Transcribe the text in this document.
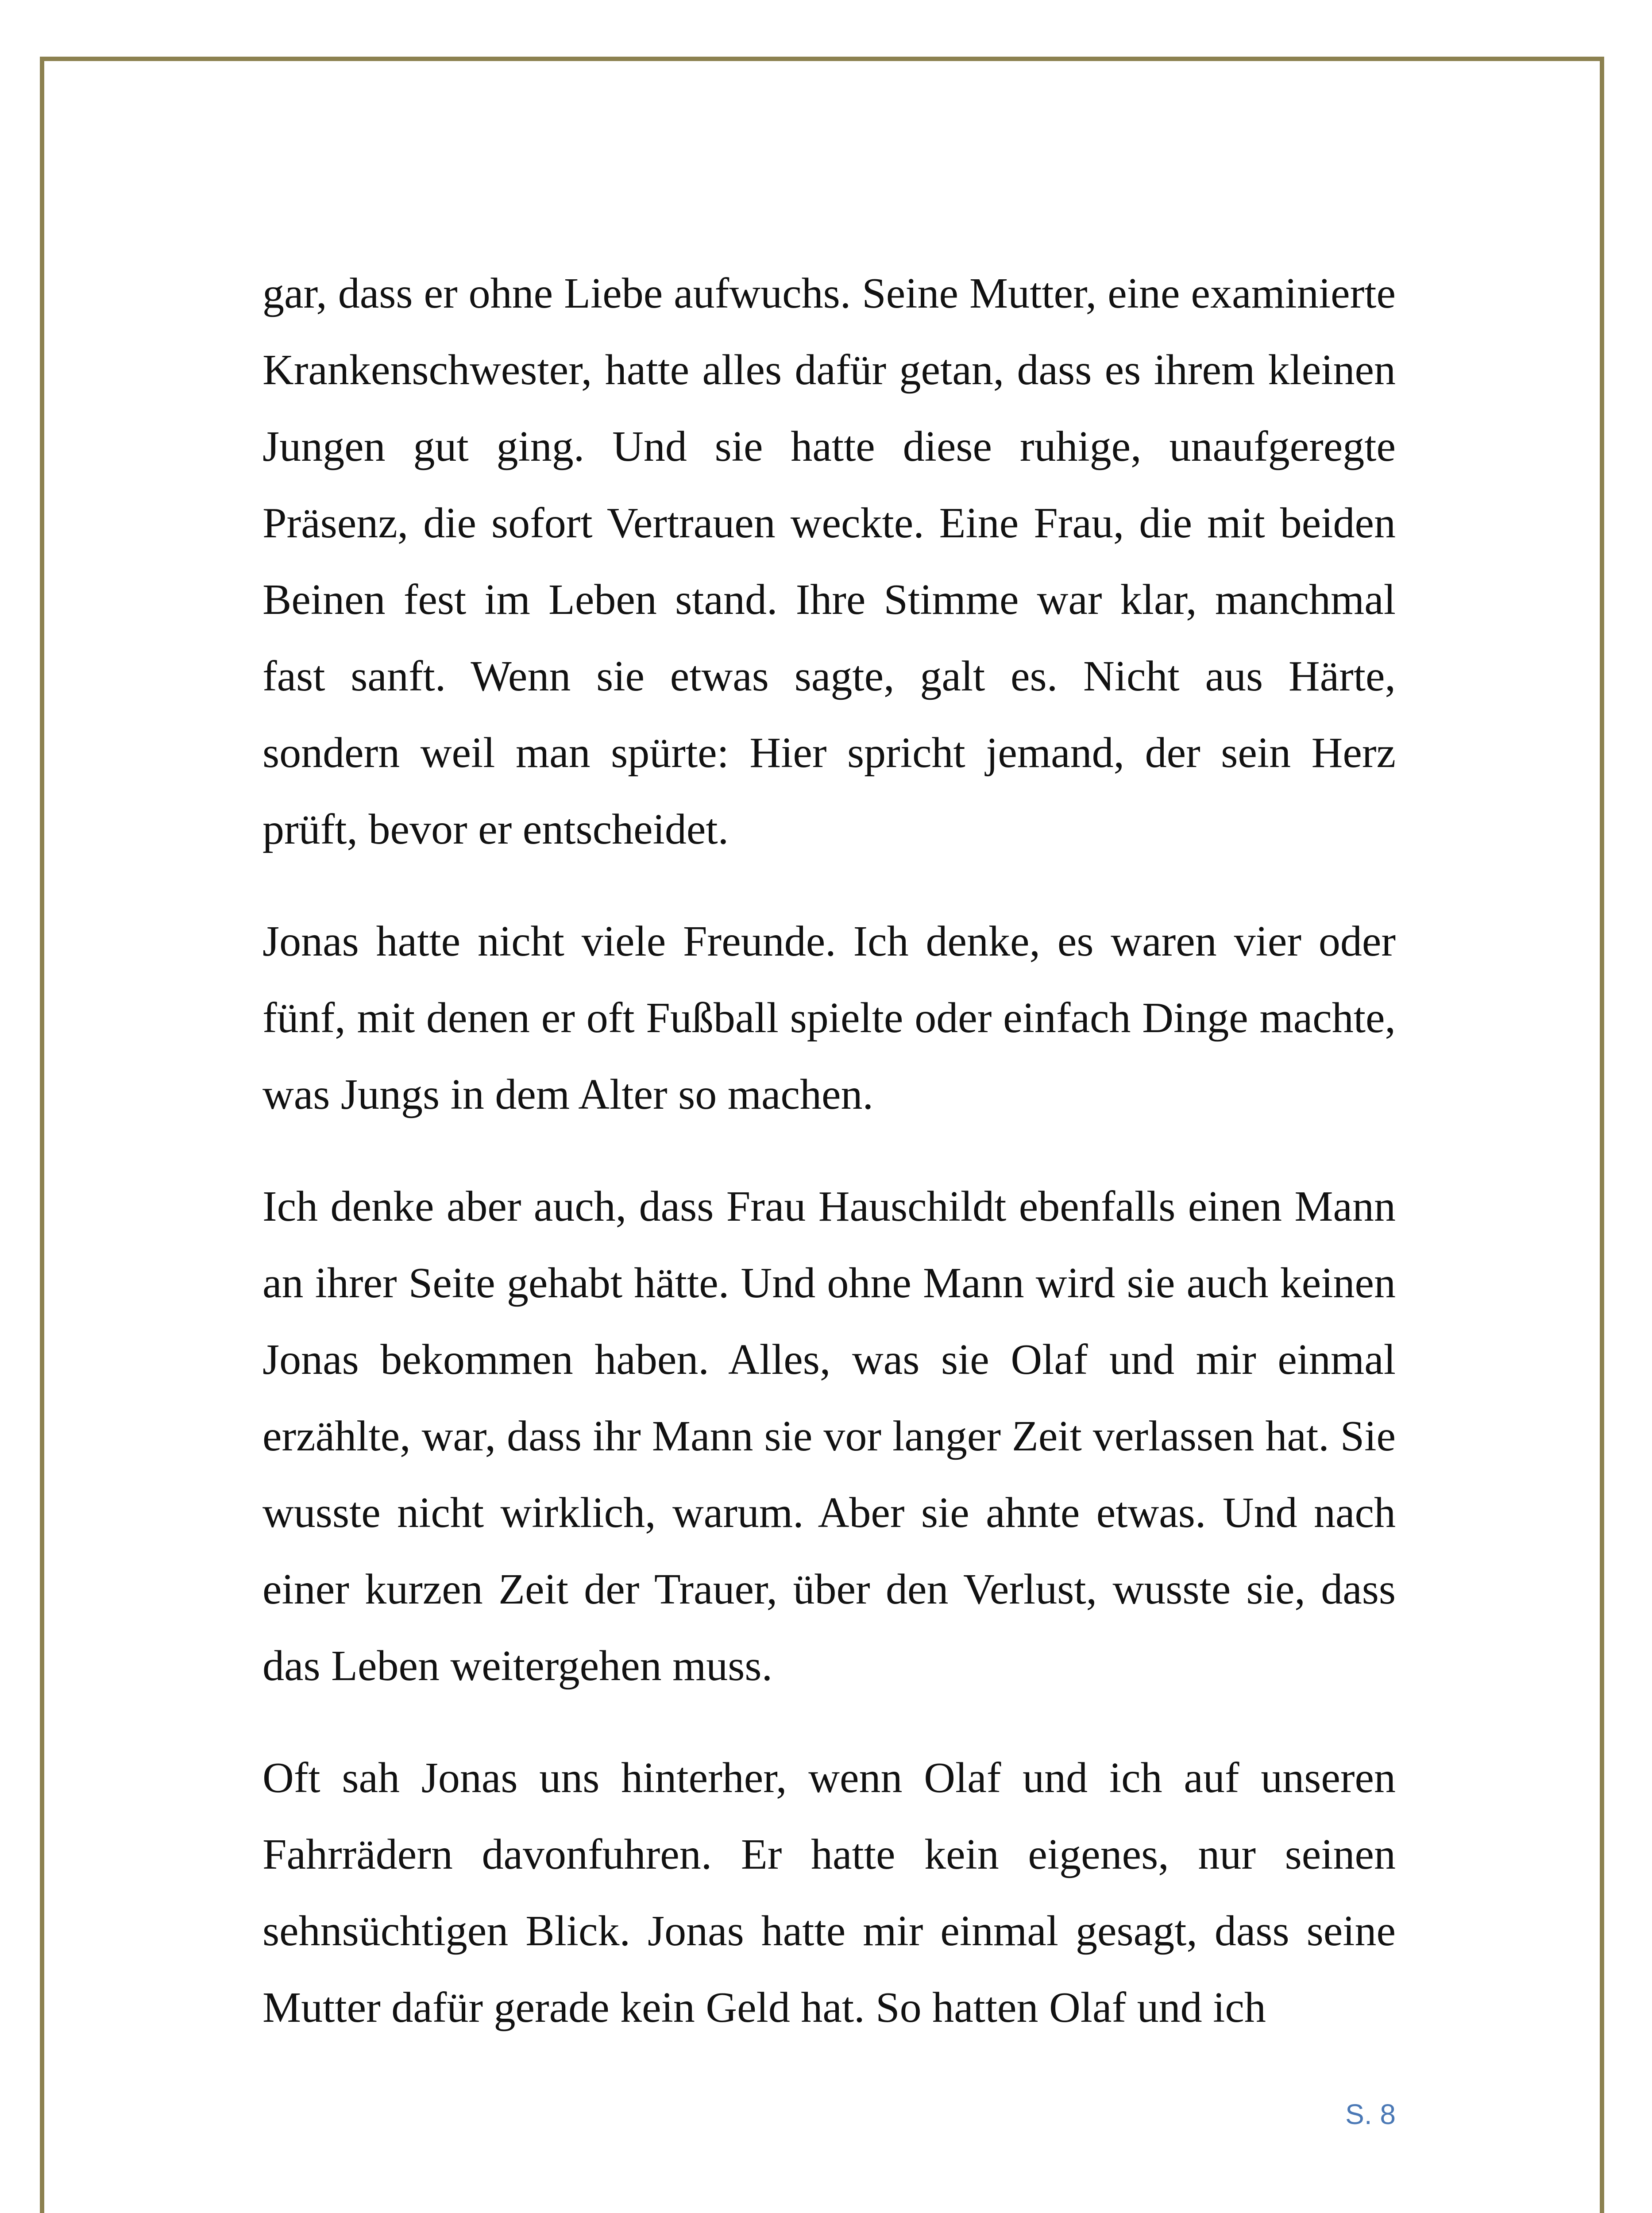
gar, dass er ohne Liebe aufwuchs. Seine Mutter, eine examinierte Krankenschwester, hatte alles dafür getan, dass es ihrem kleinen Jungen gut ging. Und sie hatte diese ruhige, unaufgeregte Präsenz, die sofort Vertrauen weckte. Eine Frau, die mit beiden Beinen fest im Leben stand. Ihre Stimme war klar, manchmal fast sanft. Wenn sie etwas sagte, galt es. Nicht aus Härte, sondern weil man spürte: Hier spricht jemand, der sein Herz prüft, bevor er entscheidet.

Jonas hatte nicht viele Freunde. Ich denke, es waren vier oder fünf, mit denen er oft Fußball spielte oder einfach Dinge machte, was Jungs in dem Alter so machen.

Ich denke aber auch, dass Frau Hauschildt ebenfalls einen Mann an ihrer Seite gehabt hätte. Und ohne Mann wird sie auch keinen Jonas bekommen haben. Alles, was sie Olaf und mir einmal erzählte, war, dass ihr Mann sie vor langer Zeit verlassen hat. Sie wusste nicht wirklich, warum. Aber sie ahnte etwas. Und nach einer kurzen Zeit der Trauer, über den Verlust, wusste sie, dass das Leben weitergehen muss.

Oft sah Jonas uns hinterher, wenn Olaf und ich auf unseren Fahrrädern davonfuhren. Er hatte kein eigenes, nur seinen sehnsüchtigen Blick. Jonas hatte mir einmal gesagt, dass seine Mutter dafür gerade kein Geld hat. So hatten Olaf und ich

S. 8
